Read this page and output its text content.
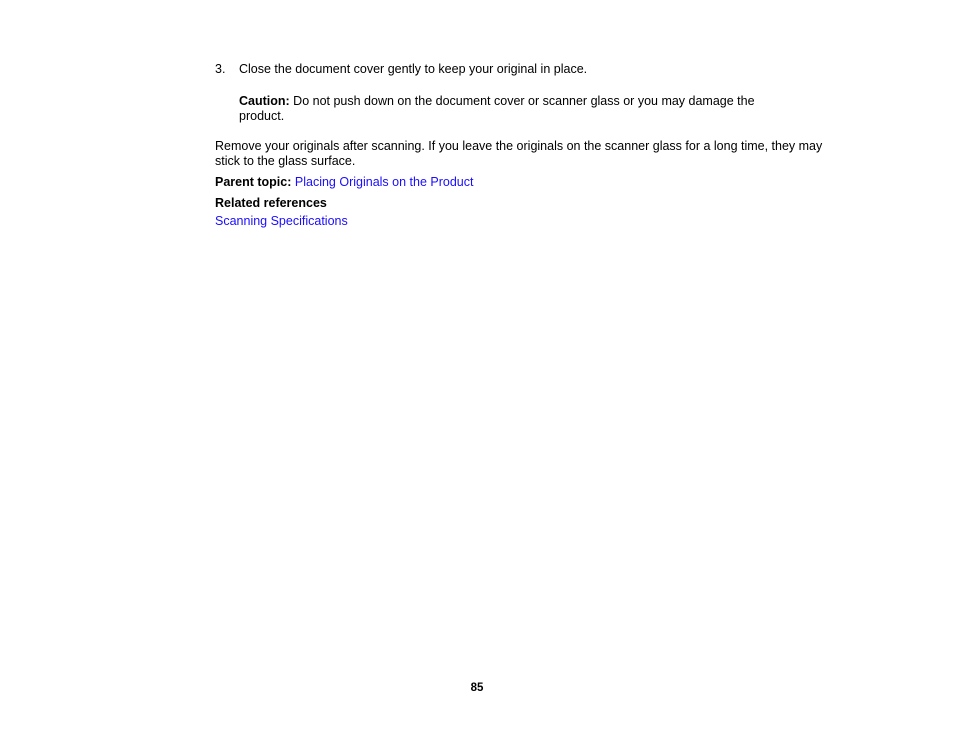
3. Close the document cover gently to keep your original in place.
Caution: Do not push down on the document cover or scanner glass or you may damage the product.
Remove your originals after scanning. If you leave the originals on the scanner glass for a long time, they may stick to the glass surface.
Parent topic: Placing Originals on the Product
Related references
Scanning Specifications
85
